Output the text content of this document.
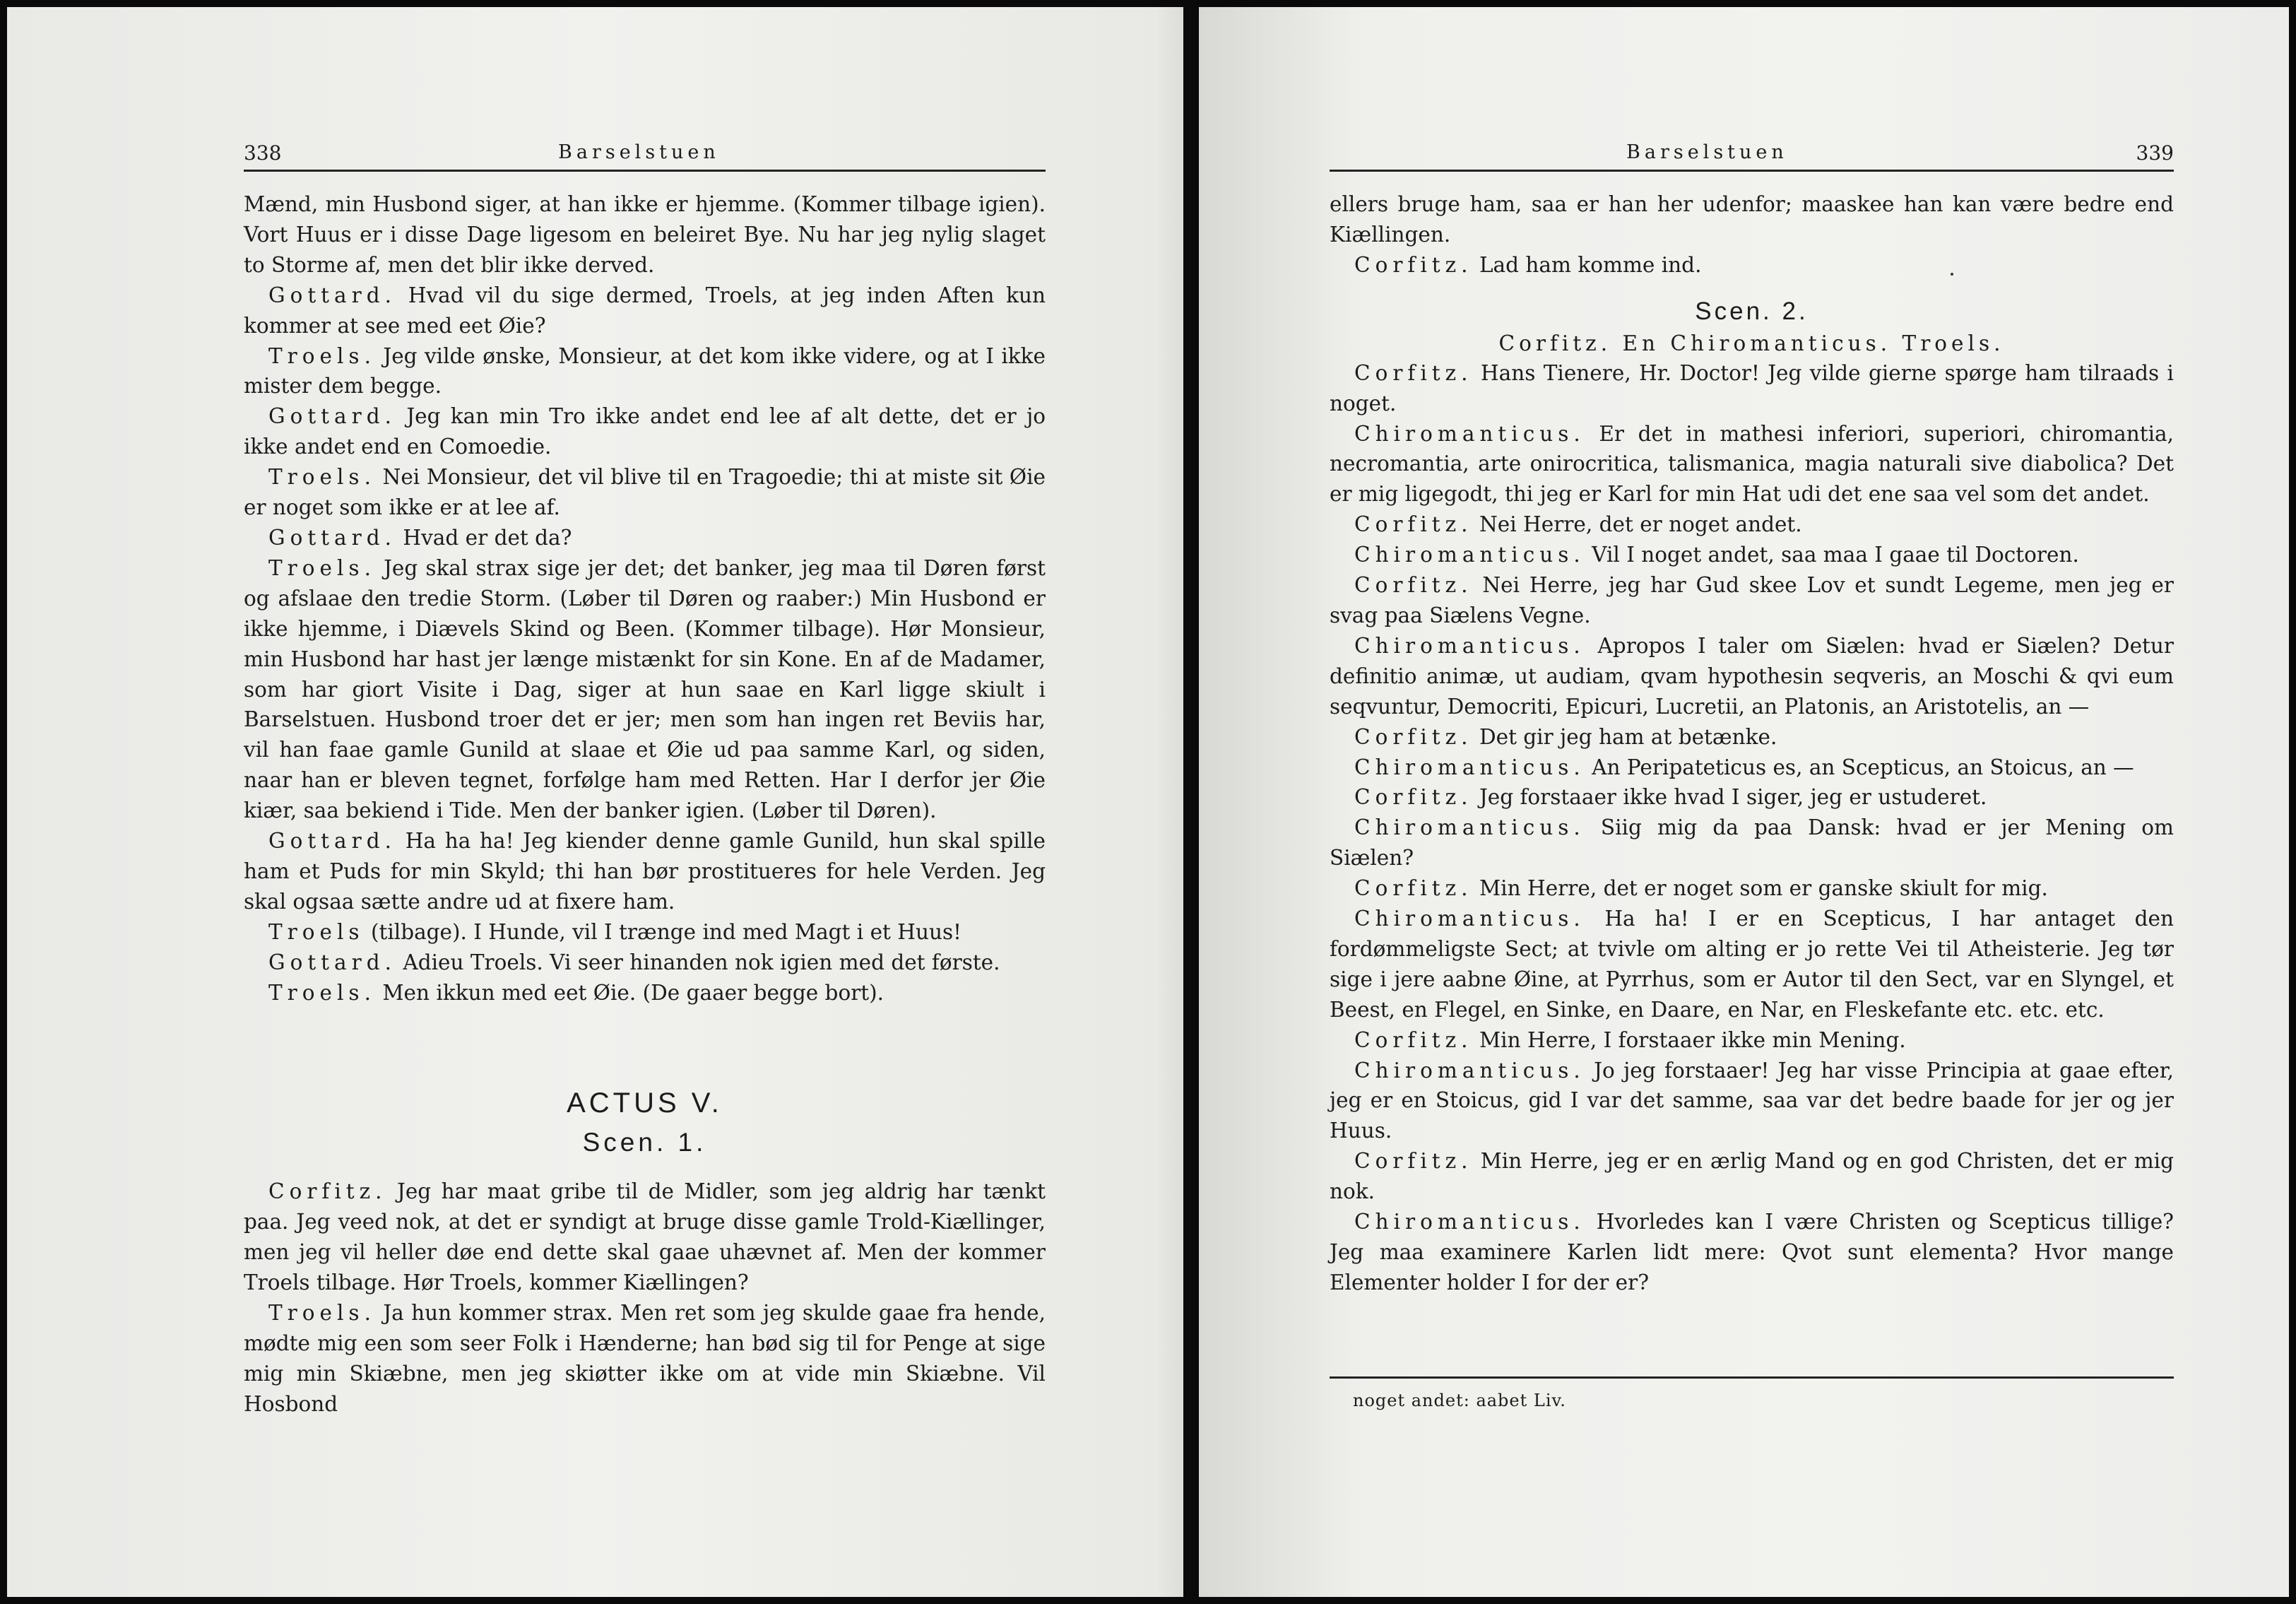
338	Barselstuen

Mænd, min Husbond siger, at han ikke er hjemme. (Kommer tilbage igien). Vort Huus er i disse Dage ligesom en beleiret Bye. Nu har jeg nylig slaget to Storme af, men det blir ikke derved.

Gottard. Hvad vil du sige dermed, Troels, at jeg inden Aften kun kommer at see med eet Øie?

Troels. Jeg vilde ønske, Monsieur, at det kom ikke videre, og at I ikke mister dem begge.

Gottard. Jeg kan min Tro ikke andet end lee af alt dette, det er jo ikke andet end en Comoedie.

Troels. Nei Monsieur, det vil blive til en Tragoedie; thi at miste sit Øie er noget som ikke er at lee af.

Gottard. Hvad er det da?

Troels. Jeg skal strax sige jer det; det banker, jeg maa til Døren først og afslaae den tredie Storm. (Løber til Døren og raaber:) Min Husbond er ikke hjemme, i Diævels Skind og Been. (Kommer tilbage). Hør Monsieur, min Husbond har hast jer længe mistænkt for sin Kone. En af de Madamer, som har giort Visite i Dag, siger at hun saae en Karl ligge skiult i Barselstuen. Husbond troer det er jer; men som han ingen ret Beviis har, vil han faae gamle Gunild at slaae et Øie ud paa samme Karl, og siden, naar han er bleven tegnet, forfølge ham med Retten. Har I derfor jer Øie kiær, saa bekiend i Tide. Men der banker igien. (Løber til Døren).

Gottard. Ha ha ha! Jeg kiender denne gamle Gunild, hun skal spille ham et Puds for min Skyld; thi han bør prostitueres for hele Verden. Jeg skal ogsaa sætte andre ud at fixere ham.

Troels (tilbage). I Hunde, vil I trænge ind med Magt i et Huus!

Gottard. Adieu Troels. Vi seer hinanden nok igien med det første.

Troels. Men ikkun med eet Øie. (De gaaer begge bort).

ACTUS V.

Scen. 1.

Corfitz. Jeg har maat gribe til de Midler, som jeg aldrig har tænkt paa. Jeg veed nok, at det er syndigt at bruge disse gamle Trold-Kiællinger, men jeg vil heller døe end dette skal gaae uhævnet af. Men der kommer Troels tilbage. Hør Troels, kommer Kiællingen?

Troels. Ja hun kommer strax. Men ret som jeg skulde gaae fra hende, mødte mig een som seer Folk i Hænderne; han bød sig til for Penge at sige mig min Skiæbne, men jeg skiøtter ikke om at vide min Skiæbne. Vil Hosbond

Barselstuen	339

ellers bruge ham, saa er han her udenfor; maaskee han kan være bedre end Kiællingen.

Corfitz. Lad ham komme ind.

Scen. 2.

Corfitz. En Chiromanticus. Troels.

Corfitz. Hans Tienere, Hr. Doctor! Jeg vilde gierne spørge ham tilraads i noget.

Chiromanticus. Er det in mathesi inferiori, superiori, chiromantia, necromantia, arte onirocritica, talismanica, magia naturali sive diabolica? Det er mig ligegodt, thi jeg er Karl for min Hat udi det ene saa vel som det andet.

Corfitz. Nei Herre, det er noget andet.

Chiromanticus. Vil I noget andet, saa maa I gaae til Doctoren.

Corfitz. Nei Herre, jeg har Gud skee Lov et sundt Legeme, men jeg er svag paa Siælens Vegne.

Chiromanticus. Apropos I taler om Siælen: hvad er Siælen? Detur definitio animæ, ut audiam, qvam hypothesin seqveris, an Moschi & qvi eum seqvuntur, Democriti, Epicuri, Lucretii, an Platonis, an Aristotelis, an —

Corfitz. Det gir jeg ham at betænke.

Chiromanticus. An Peripateticus es, an Scepticus, an Stoicus, an —

Corfitz. Jeg forstaaer ikke hvad I siger, jeg er ustuderet.

Chiromanticus. Siig mig da paa Dansk: hvad er jer Mening om Siælen?

Corfitz. Min Herre, det er noget som er ganske skiult for mig.

Chiromanticus. Ha ha! I er en Scepticus, I har antaget den fordømmeligste Sect; at tvivle om alting er jo rette Vei til Atheisterie. Jeg tør sige i jere aabne Øine, at Pyrrhus, som er Autor til den Sect, var en Slyngel, et Beest, en Flegel, en Sinke, en Daare, en Nar, en Fleskefante etc. etc. etc.

Corfitz. Min Herre, I forstaaer ikke min Mening.

Chiromanticus. Jo jeg forstaaer! Jeg har visse Principia at gaae efter, jeg er en Stoicus, gid I var det samme, saa var det bedre baade for jer og jer Huus.

Corfitz. Min Herre, jeg er en ærlig Mand og en god Christen, det er mig nok.

Chiromanticus. Hvorledes kan I være Christen og Scepticus tillige? Jeg maa examinere Karlen lidt mere: Qvot sunt elementa? Hvor mange Elementer holder I for der er?

noget andet: aabet Liv.
